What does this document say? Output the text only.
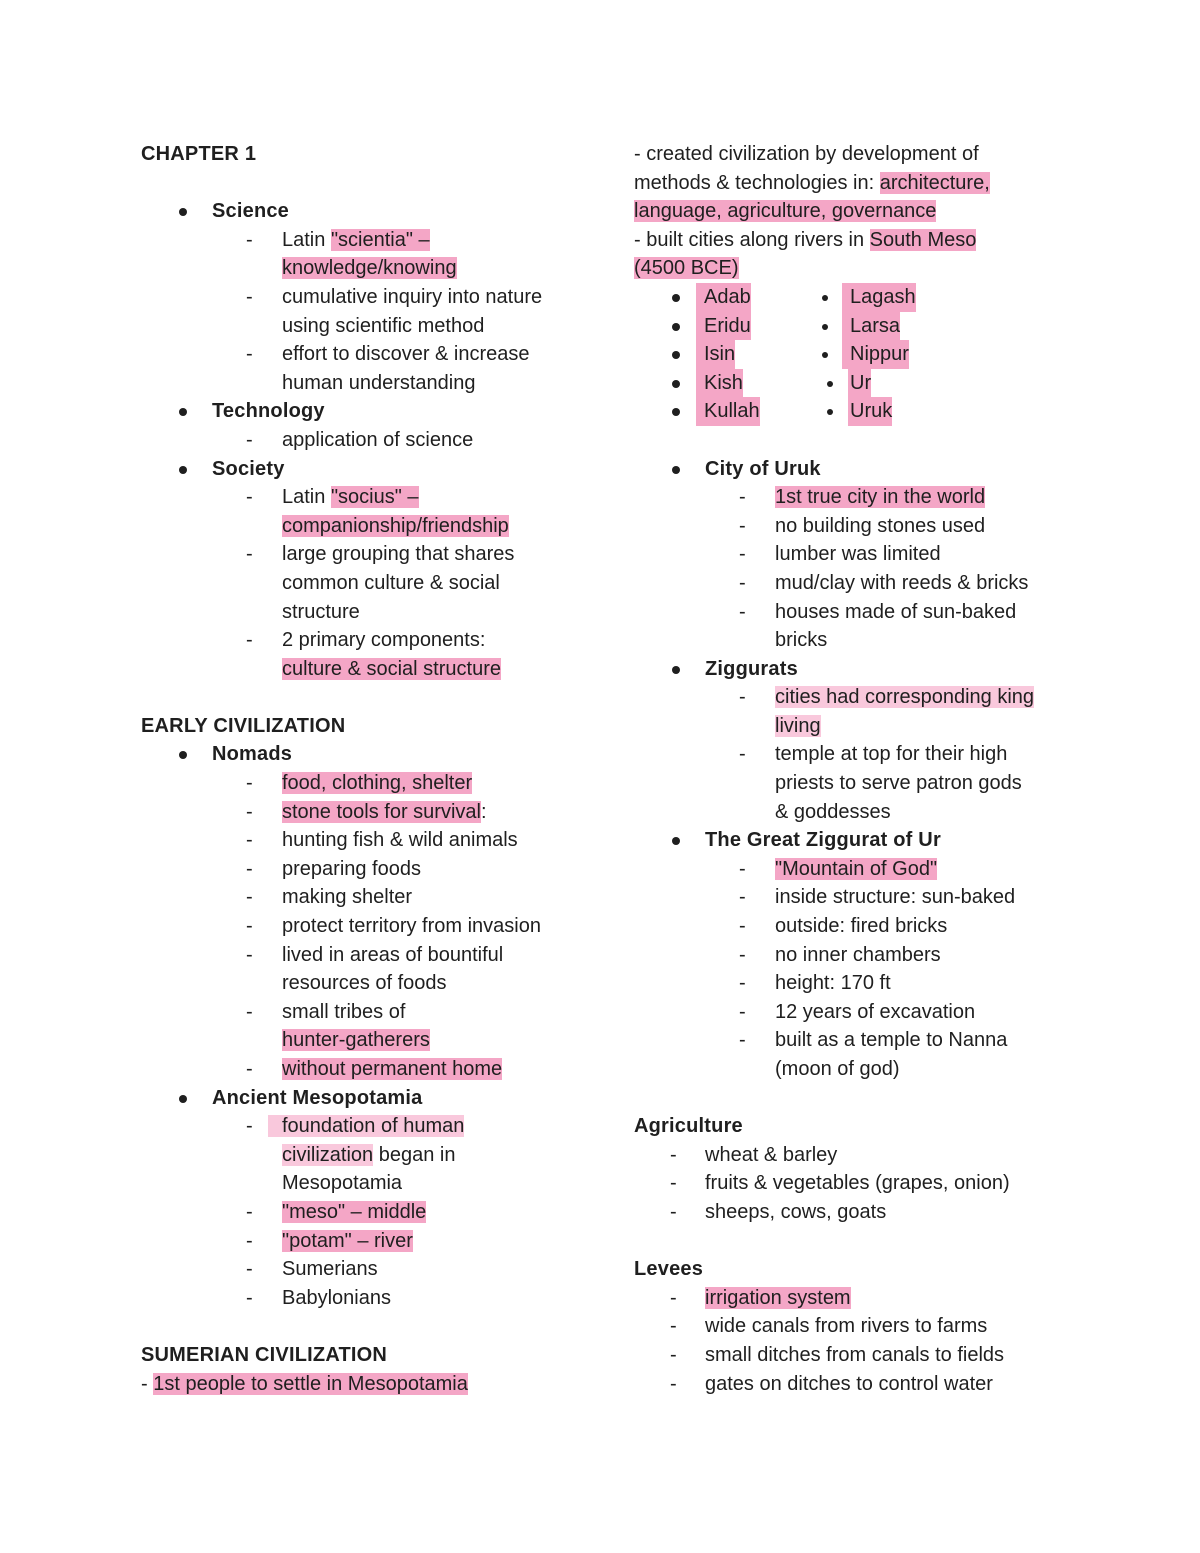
CHAPTER 1
Science
- Latin "scientia" –
knowledge/knowing
- cumulative inquiry into nature
using scientific method
- effort to discover & increase
human understanding
Technology
- application of science
Society
- Latin "socius" –
companionship/friendship
- large grouping that shares
common culture & social
structure
- 2 primary components:
culture & social structure
EARLY CIVILIZATION
Nomads
- food, clothing, shelter
- stone tools for survival:
- hunting fish & wild animals
- preparing foods
- making shelter
- protect territory from invasion
- lived in areas of bountiful
resources of foods
- small tribes of
hunter-gatherers
- without permanent home
Ancient Mesopotamia
- foundation of human
civilization began in
Mesopotamia
- "meso" – middle
- "potam" – river
- Sumerians
- Babylonians
SUMERIAN CIVILIZATION
- 1st people to settle in Mesopotamia
- created civilization by development of
methods & technologies in: architecture,
language, agriculture, governance
- built cities along rivers in South Meso
(4500 BCE)
Adab	Lagash
Eridu	Larsa
Isin	Nippur
Kish	Ur
Kullah	Uruk
City of Uruk
- 1st true city in the world
- no building stones used
- lumber was limited
- mud/clay with reeds & bricks
- houses made of sun-baked
bricks
Ziggurats
- cities had corresponding king
living
- temple at top for their high
priests to serve patron gods
& goddesses
The Great Ziggurat of Ur
- "Mountain of God"
- inside structure: sun-baked
- outside: fired bricks
- no inner chambers
- height: 170 ft
- 12 years of excavation
- built as a temple to Nanna
(moon of god)
Agriculture
- wheat & barley
- fruits & vegetables (grapes, onion)
- sheeps, cows, goats
Levees
- irrigation system
- wide canals from rivers to farms
- small ditches from canals to fields
- gates on ditches to control water
